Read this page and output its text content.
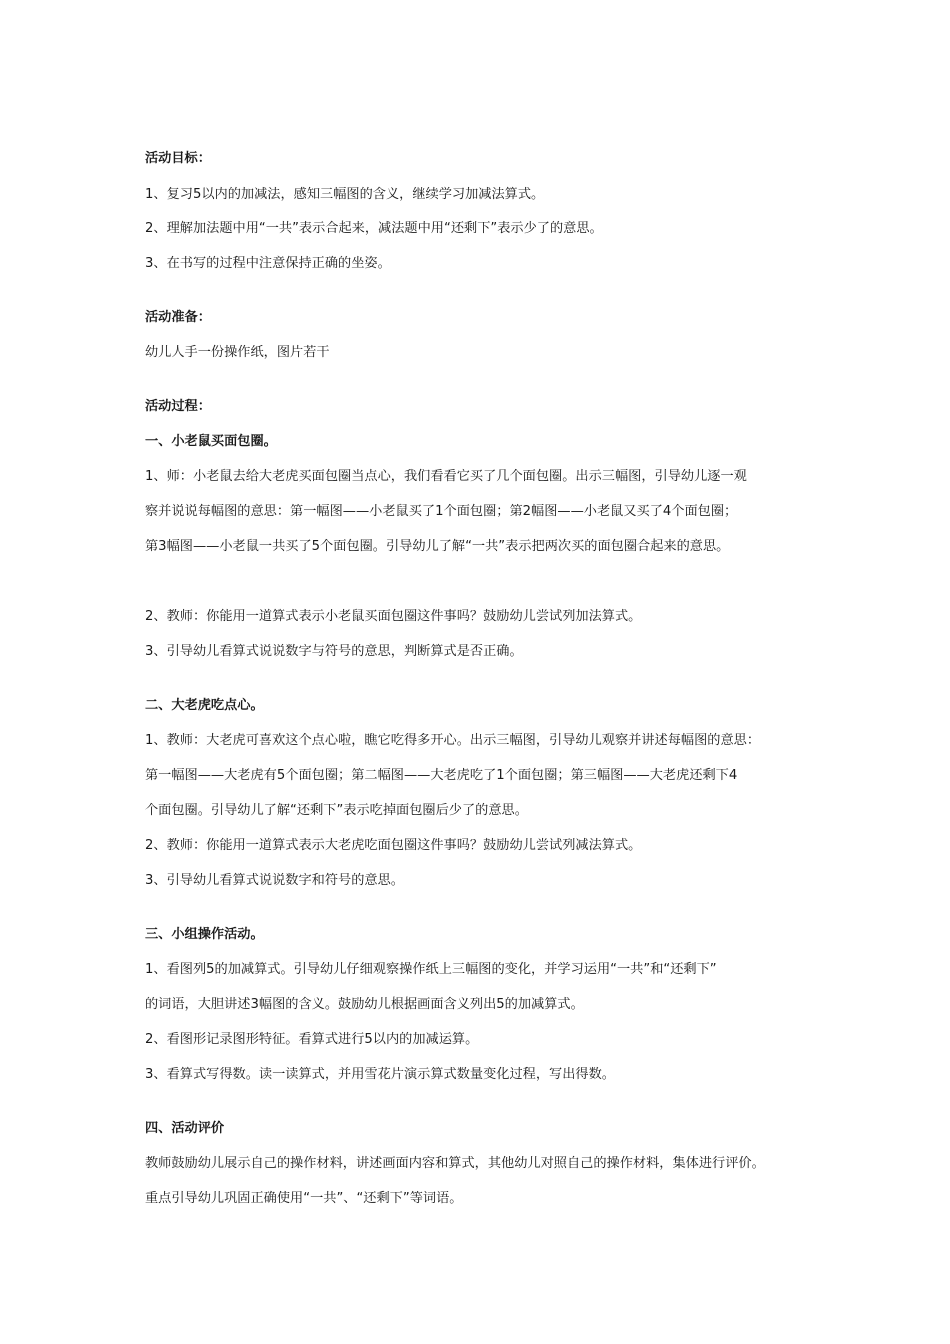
活动目标：
1、复习5以内的加减法，感知三幅图的含义，继续学习加减法算式。
2、理解加法题中用“一共”表示合起来，减法题中用“还剩下”表示少了的意思。
3、在书写的过程中注意保持正确的坐姿。
活动准备：
幼儿人手一份操作纸，图片若干
活动过程：
一、小老鼠买面包圈。
1、师：小老鼠去给大老虎买面包圈当点心，我们看看它买了几个面包圈。出示三幅图，引导幼儿逐一观
察并说说每幅图的意思：第一幅图——小老鼠买了1个面包圈；第2幅图——小老鼠又买了4个面包圈；
第3幅图——小老鼠一共买了5个面包圈。引导幼儿了解“一共”表示把两次买的面包圈合起来的意思。
2、教师：你能用一道算式表示小老鼠买面包圈这件事吗？鼓励幼儿尝试列加法算式。
3、引导幼儿看算式说说数字与符号的意思，判断算式是否正确。
二、大老虎吃点心。
1、教师：大老虎可喜欢这个点心啦，瞧它吃得多开心。出示三幅图，引导幼儿观察并讲述每幅图的意思：
第一幅图——大老虎有5个面包圈；第二幅图——大老虎吃了1个面包圈；第三幅图——大老虎还剩下4
个面包圈。引导幼儿了解“还剩下”表示吃掉面包圈后少了的意思。
2、教师：你能用一道算式表示大老虎吃面包圈这件事吗？鼓励幼儿尝试列减法算式。
3、引导幼儿看算式说说数字和符号的意思。
三、小组操作活动。
1、看图列5的加减算式。引导幼儿仔细观察操作纸上三幅图的变化，并学习运用“一共”和“还剩下”
的词语，大胆讲述3幅图的含义。鼓励幼儿根据画面含义列出5的加减算式。
2、看图形记录图形特征。看算式进行5以内的加减运算。
3、看算式写得数。读一读算式，并用雪花片演示算式数量变化过程，写出得数。
四、活动评价
教师鼓励幼儿展示自己的操作材料，讲述画面内容和算式，其他幼儿对照自己的操作材料，集体进行评价。
重点引导幼儿巩固正确使用“一共”、“还剩下”等词语。
